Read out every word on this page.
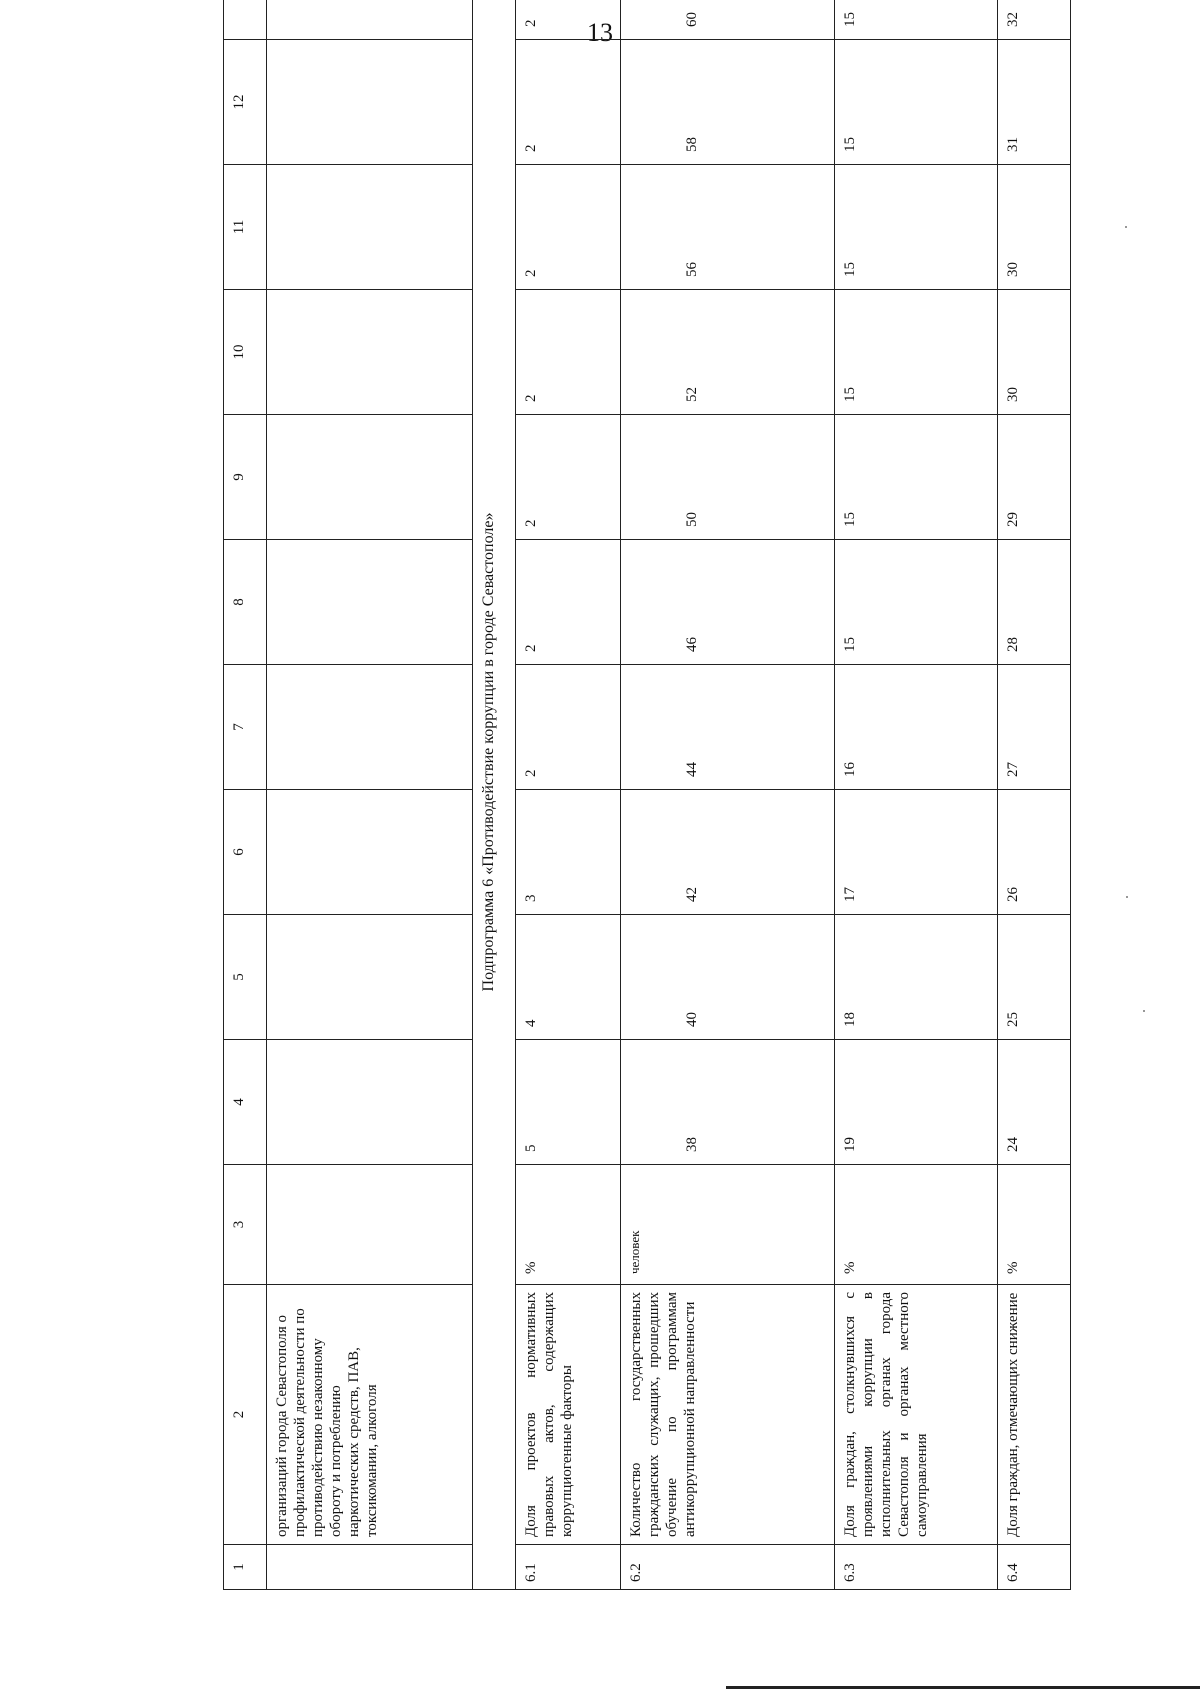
13
1	2	3	4	5	6	7	8	9	10	11	12	
	организаций города Севастополя о профилактической деятельности по противодействию незаконному обороту и потреблению наркотических средств, ПАВ, токсикомании, алкоголя											
Подпрограмма 6 «Противодействие коррупции в городе Севастополе»												
6.1	Доля проектов нормативных правовых актов, содержащих коррупциогенные факторы	%	5	4	3	2	2	2	2	2	2	2
6.2	Количество государственных гражданских служащих, прошедших обучение по программам антикоррупционной направленности	человек	38	40	42	44	46	50	52	56	58	60
6.3	Доля граждан, столкнувшихся с проявлениями коррупции в исполнительных органах города Севастополя и органах местного самоуправления	%	19	18	17	16	15	15	15	15	15	15
6.4	Доля граждан, отмечающих снижение	%	24	25	26	27	28	29	30	30	31	32
